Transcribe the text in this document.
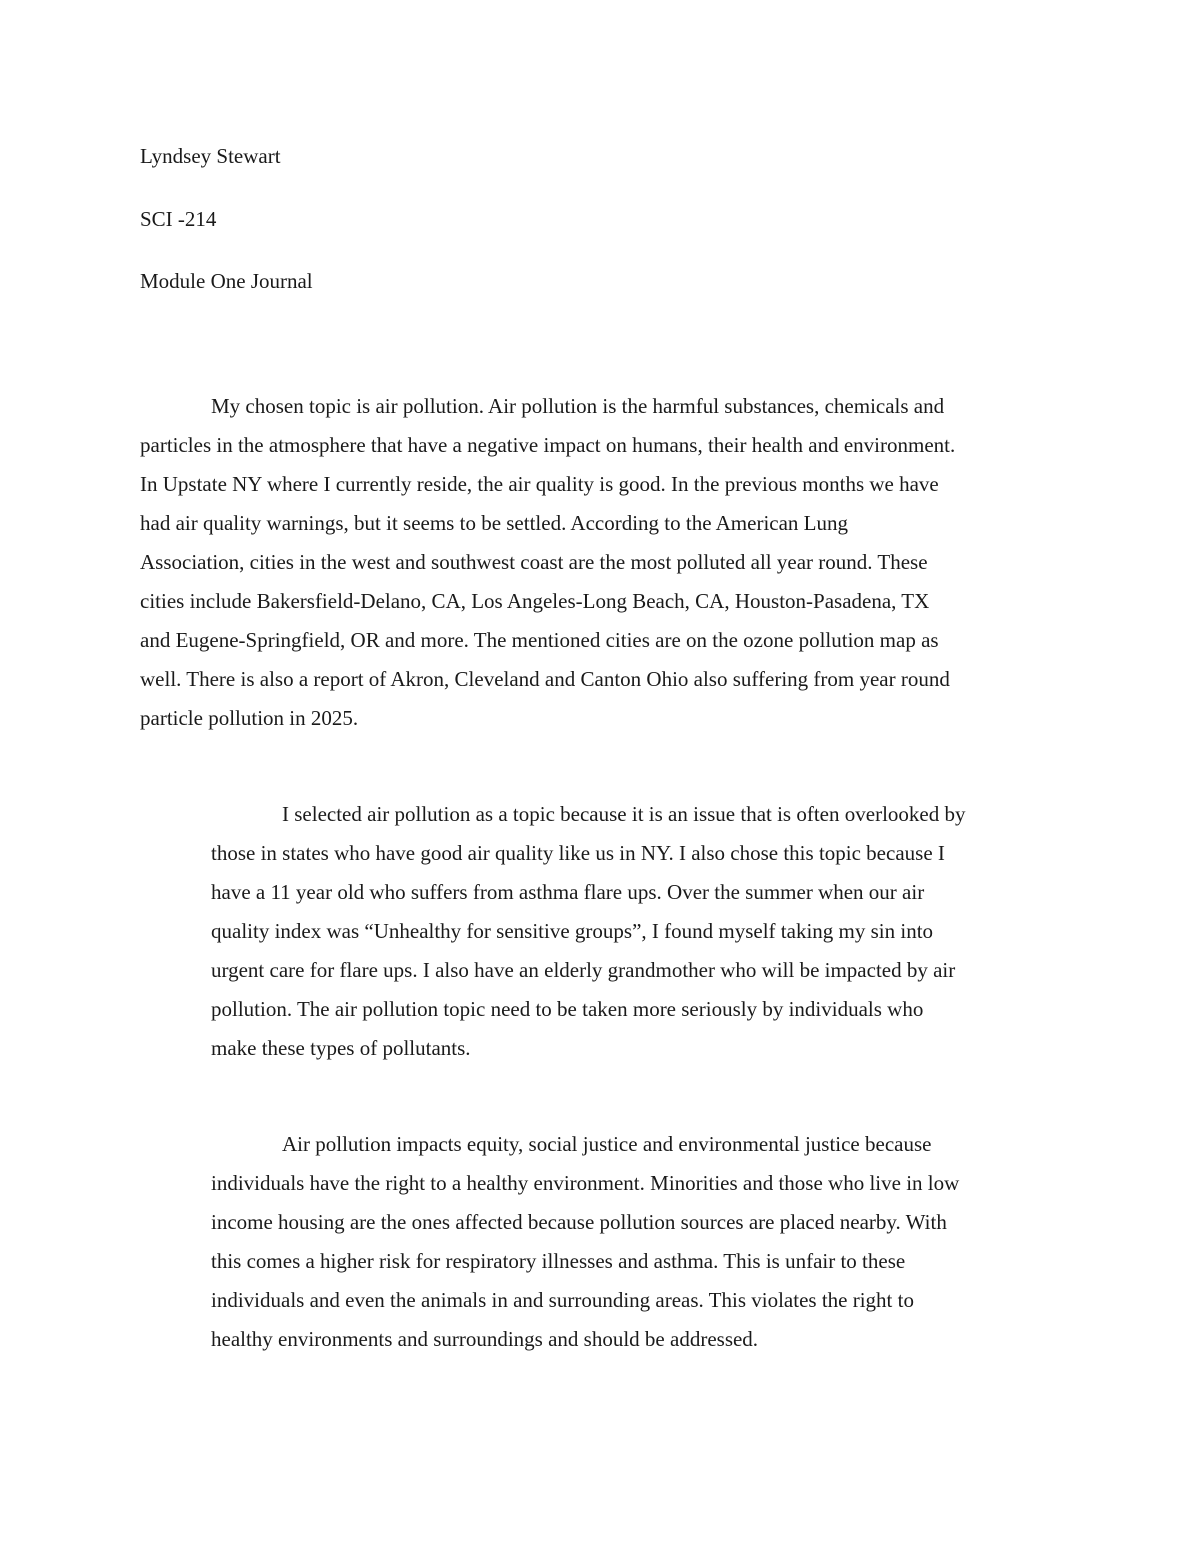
Lyndsey Stewart
SCI -214
Module One Journal
My chosen topic is air pollution. Air pollution is the harmful substances, chemicals and
particles in the atmosphere that have a negative impact on humans, their health and environment.
In Upstate NY where I currently reside, the air quality is good. In the previous months we have
had air quality warnings, but it seems to be settled. According to the American Lung
Association, cities in the west and southwest coast are the most polluted all year round. These
cities include Bakersfield-Delano, CA, Los Angeles-Long Beach, CA, Houston-Pasadena, TX
and Eugene-Springfield, OR and more. The mentioned cities are on the ozone pollution map as
well. There is also a report of Akron, Cleveland and Canton Ohio also suffering from year round
particle pollution in 2025.
I selected air pollution as a topic because it is an issue that is often overlooked by
those in states who have good air quality like us in NY. I also chose this topic because I
have a 11 year old who suffers from asthma flare ups. Over the summer when our air
quality index was “Unhealthy for sensitive groups”, I found myself taking my sin into
urgent care for flare ups. I also have an elderly grandmother who will be impacted by air
pollution. The air pollution topic need to be taken more seriously by individuals who
make these types of pollutants.
Air pollution impacts equity, social justice and environmental justice because
individuals have the right to a healthy environment. Minorities and those who live in low
income housing are the ones affected because pollution sources are placed nearby. With
this comes a higher risk for respiratory illnesses and asthma. This is unfair to these
individuals and even the animals in and surrounding areas. This violates the right to
healthy environments and surroundings and should be addressed.
